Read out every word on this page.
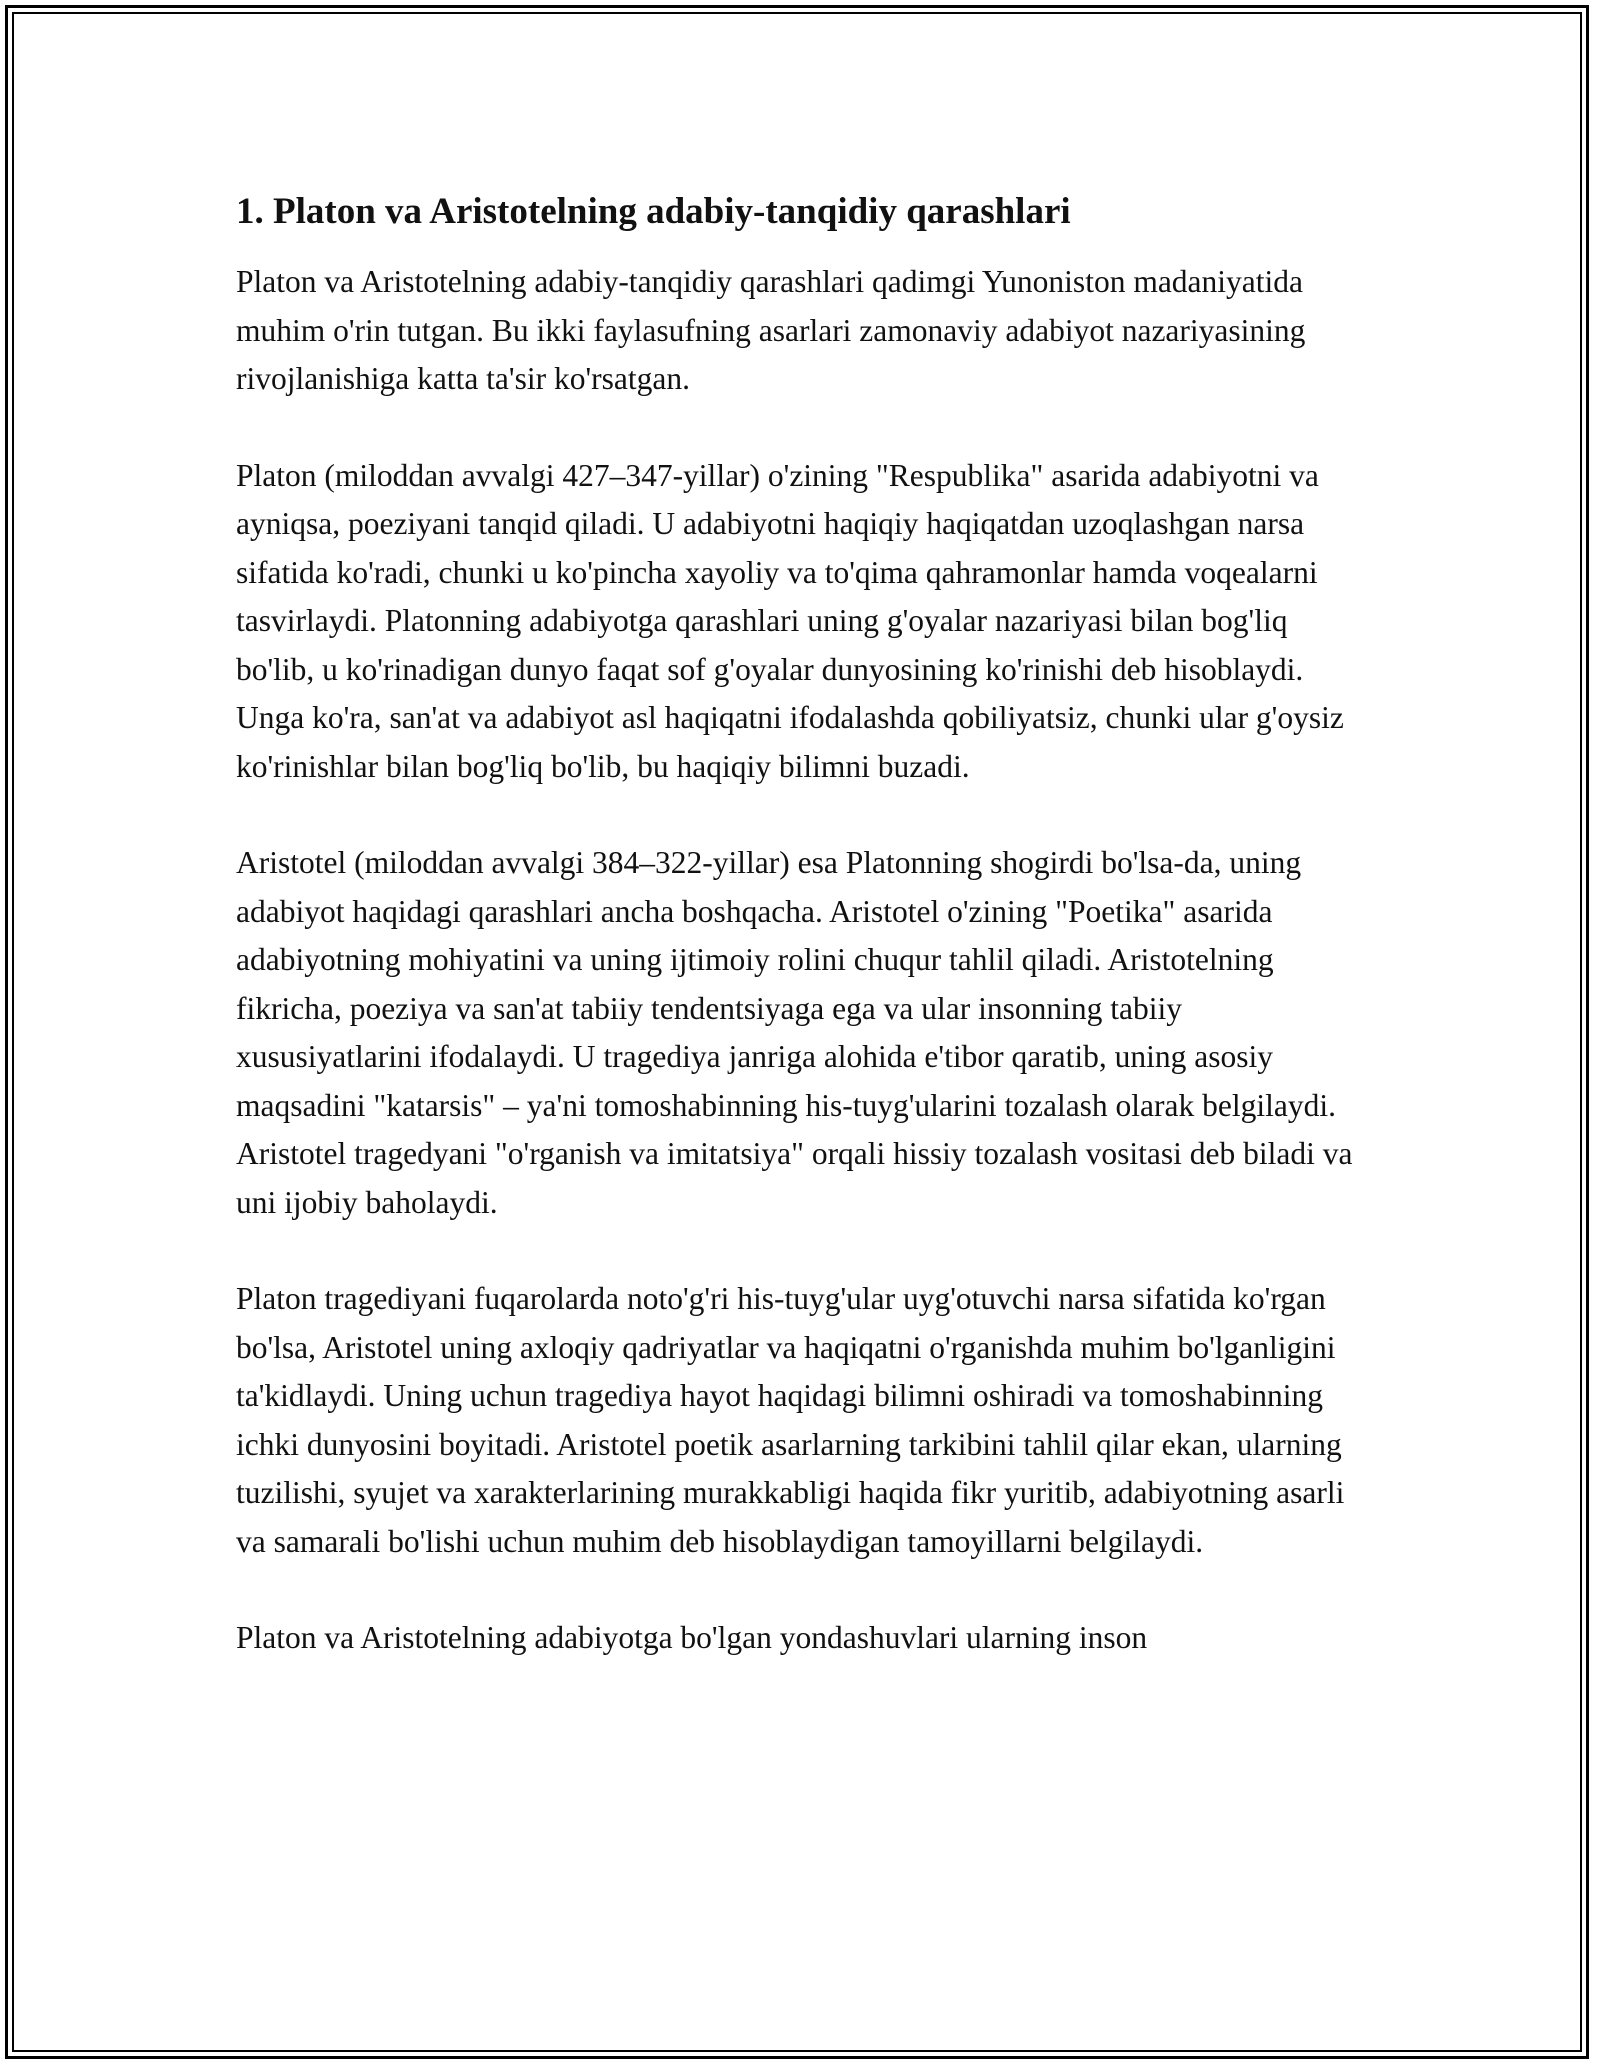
1. Platon va Aristotelning adabiy-tanqidiy qarashlari

Platon va Aristotelning adabiy-tanqidiy qarashlari qadimgi Yunoniston madaniyatida muhim o'rin tutgan. Bu ikki faylasufning asarlari zamonaviy adabiyot nazariyasining rivojlanishiga katta ta'sir ko'rsatgan.

Platon (miloddan avvalgi 427–347-yillar) o'zining "Respublika" asarida adabiyotni va ayniqsa, poeziyani tanqid qiladi. U adabiyotni haqiqiy haqiqatdan uzoqlashgan narsa sifatida ko'radi, chunki u ko'pincha xayoliy va to'qima qahramonlar hamda voqealarni tasvirlaydi. Platonning adabiyotga qarashlari uning g'oyalar nazariyasi bilan bog'liq bo'lib, u ko'rinadigan dunyo faqat sof g'oyalar dunyosining ko'rinishi deb hisoblaydi. Unga ko'ra, san'at va adabiyot asl haqiqatni ifodalashda qobiliyatsiz, chunki ular g'oysiz ko'rinishlar bilan bog'liq bo'lib, bu haqiqiy bilimni buzadi.

Aristotel (miloddan avvalgi 384–322-yillar) esa Platonning shogirdi bo'lsa-da, uning adabiyot haqidagi qarashlari ancha boshqacha. Aristotel o'zining "Poetika" asarida adabiyotning mohiyatini va uning ijtimoiy rolini chuqur tahlil qiladi. Aristotelning fikricha, poeziya va san'at tabiiy tendentsiyaga ega va ular insonning tabiiy xususiyatlarini ifodalaydi. U tragediya janriga alohida e'tibor qaratib, uning asosiy maqsadini "katarsis" – ya'ni tomoshabinning his-tuyg'ularini tozalash olarak belgilaydi. Aristotel tragedyani "o'rganish va imitatsiya" orqali hissiy tozalash vositasi deb biladi va uni ijobiy baholaydi.

Platon tragediyani fuqarolarda noto'g'ri his-tuyg'ular uyg'otuvchi narsa sifatida ko'rgan bo'lsa, Aristotel uning axloqiy qadriyatlar va haqiqatni o'rganishda muhim bo'lganligini ta'kidlaydi. Uning uchun tragediya hayot haqidagi bilimni oshiradi va tomoshabinning ichki dunyosini boyitadi. Aristotel poetik asarlarning tarkibini tahlil qilar ekan, ularning tuzilishi, syujet va xarakterlarining murakkabligi haqida fikr yuritib, adabiyotning asarli va samarali bo'lishi uchun muhim deb hisoblaydigan tamoyillarni belgilaydi.

Platon va Aristotelning adabiyotga bo'lgan yondashuvlari ularning inson
